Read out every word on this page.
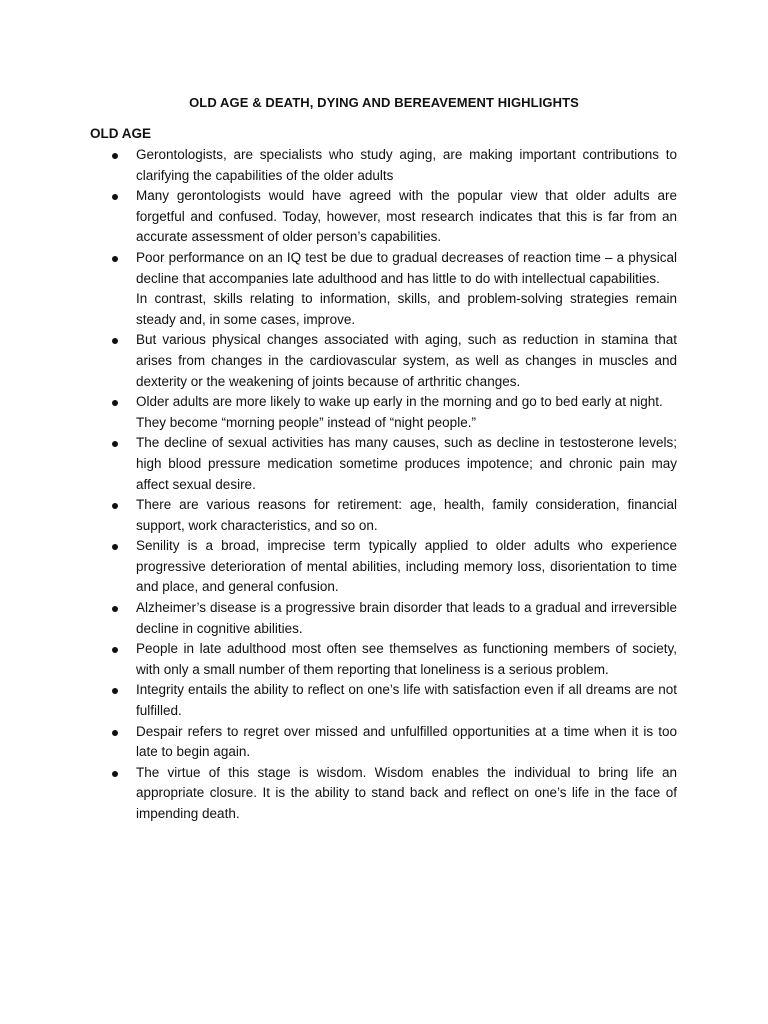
OLD AGE & DEATH, DYING AND BEREAVEMENT HIGHLIGHTS
OLD AGE

Gerontologists, are specialists who study aging, are making important contributions to clarifying the capabilities of the older adults

Many gerontologists would have agreed with the popular view that older adults are forgetful and confused. Today, however, most research indicates that this is far from an accurate assessment of older person’s capabilities.

Poor performance on an IQ test be due to gradual decreases of reaction time – a physical decline that accompanies late adulthood and has little to do with intellectual capabilities.

In contrast, skills relating to information, skills, and problem-solving strategies remain steady and, in some cases, improve.

But various physical changes associated with aging, such as reduction in stamina that arises from changes in the cardiovascular system, as well as changes in muscles and dexterity or the weakening of joints because of arthritic changes.

Older adults are more likely to wake up early in the morning and go to bed early at night.

They become “morning people” instead of “night people.”

The decline of sexual activities has many causes, such as decline in testosterone levels; high blood pressure medication sometime produces impotence; and chronic pain may affect sexual desire.

There are various reasons for retirement: age, health, family consideration, financial support, work characteristics, and so on.

Senility is a broad, imprecise term typically applied to older adults who experience progressive deterioration of mental abilities, including memory loss, disorientation to time and place, and general confusion.

Alzheimer’s disease is a progressive brain disorder that leads to a gradual and irreversible decline in cognitive abilities.

People in late adulthood most often see themselves as functioning members of society, with only a small number of them reporting that loneliness is a serious problem.

Integrity entails the ability to reflect on one’s life with satisfaction even if all dreams are not fulfilled.

Despair refers to regret over missed and unfulfilled opportunities at a time when it is too late to begin again.

The virtue of this stage is wisdom. Wisdom enables the individual to bring life an appropriate closure. It is the ability to stand back and reflect on one’s life in the face of impending death.
